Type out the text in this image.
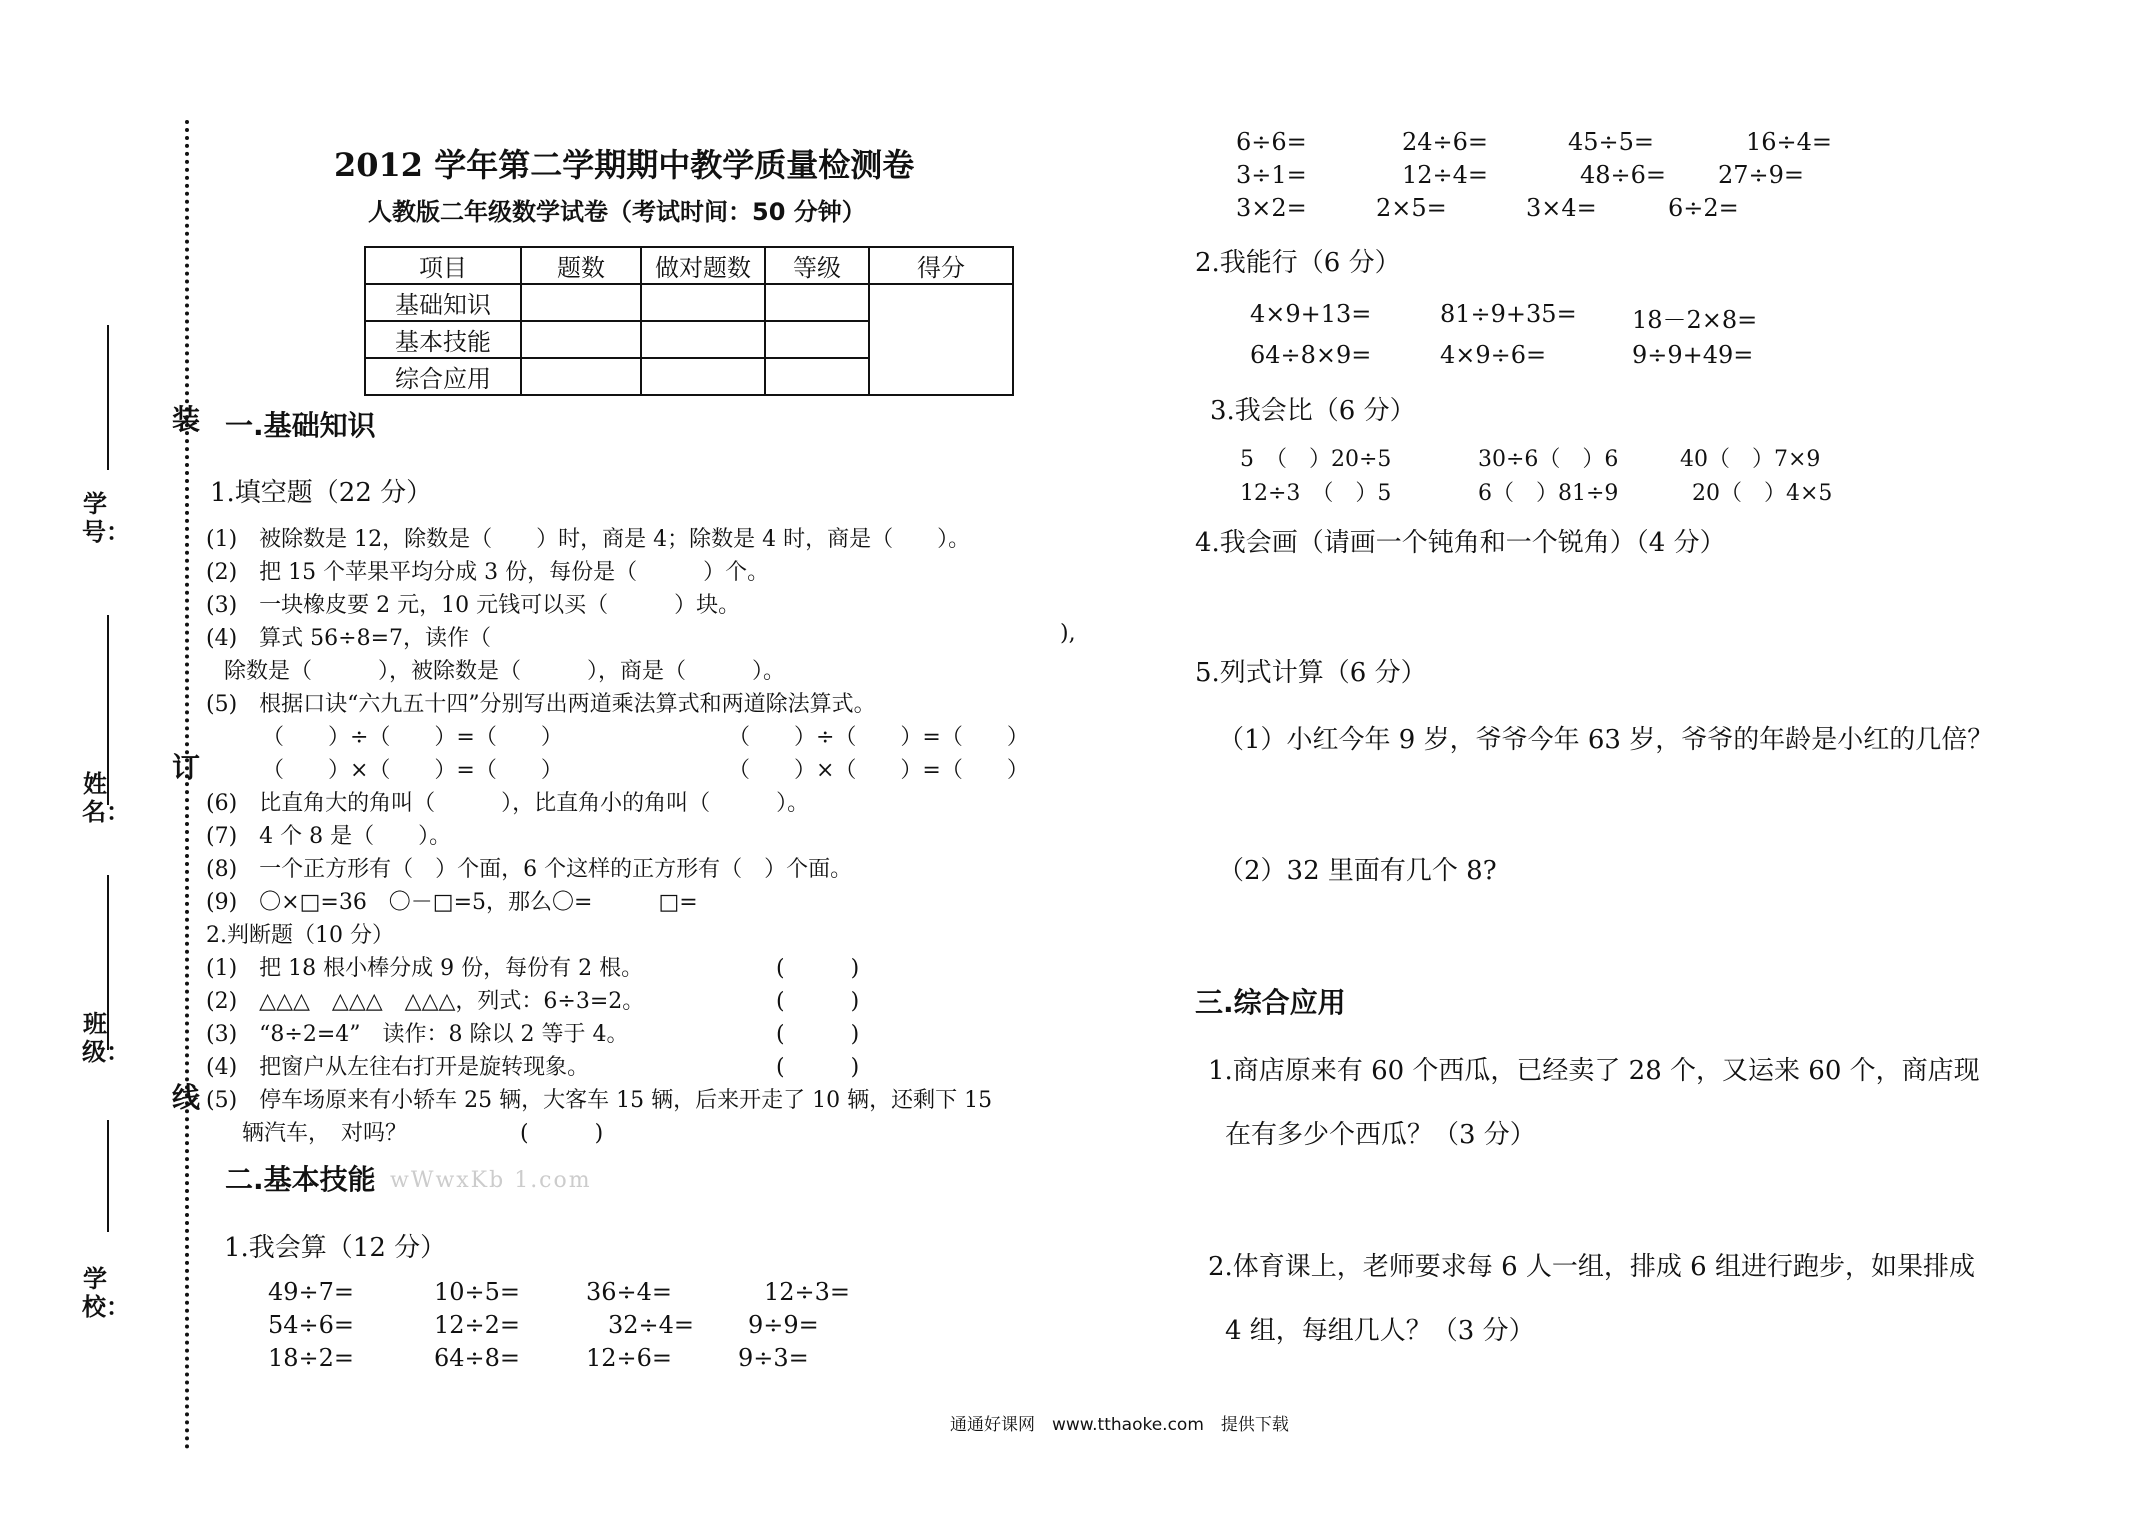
装
订
线
学号：
姓名：
班级：
学校：
2012 学年第二学期期中教学质量检测卷
人教版二年级数学试卷（考试时间：50 分钟）
项目	题数	做对题数	等级	得分
基础知识				
基本技能				
综合应用				
一.基础知识
1.填空题（22 分）
(1)　被除数是 12，除数是（　　）时，商是 4；除数是 4 时，商是（　　）。
(2)　把 15 个苹果平均分成 3 份，每份是（　　　）个。
(3)　一块橡皮要 2 元，10 元钱可以买（　　　）块。
(4)　算式 56÷8=7，读作（	),
除数是（　　　），被除数是（　　　），商是（　　　）。
(5)　根据口诀“六九五十四”分别写出两道乘法算式和两道除法算式。
（　　）÷（　　）=（　　）	（　　）÷（　　）=（　　）
（　　）×（　　）=（　　）	（　　）×（　　）=（　　）
(6)　比直角大的角叫（　　　），比直角小的角叫（　　　）。
(7)　4 个 8 是（　　）。
(8)　一个正方形有（　）个面，6 个这样的正方形有（　）个面。
(9)　〇×□=36　〇－□=5，那么〇=　　　□=
2.判断题（10 分）
(1)　把 18 根小棒分成 9 份，每份有 2 根。	(　　　)
(2)　△△△　△△△　△△△，列式：6÷3=2。	(　　　)
(3)　“8÷2=4”　读作：8 除以 2 等于 4。	(　　　)
(4)　把窗户从左往右打开是旋转现象。	(　　　)
(5)　停车场原来有小轿车 25 辆，大客车 15 辆，后来开走了 10 辆，还剩下 15
辆汽车，　对吗？	(　　　)
二.基本技能 wWwxKb 1.com
1.我会算（12 分）
49÷7=	10÷5=	36÷4=	12÷3=
54÷6=	12÷2=	32÷4= 9÷9=
18÷2=	64÷8=	12÷6=	9÷3=
6÷6=	24÷6=	45÷5=	16÷4=
3÷1=	12÷4=	48÷6= 27÷9=
3×2=	2×5=	3×4=	6÷2=
2.我能行（6 分）
4×9+13=	81÷9+35= 18－2×8=
64÷8×9=	4×9÷6=	9÷9+49=
3.我会比（6 分）
5　（　）20÷5	30÷6（　）6	40（　）7×9
12÷3　（　）5	6（　）81÷9	20（　）4×5
4.我会画（请画一个钝角和一个锐角）（4 分）
5.列式计算（6 分）
（1）小红今年 9 岁，爷爷今年 63 岁，爷爷的年龄是小红的几倍？
（2）32 里面有几个 8?
三.综合应用
1.商店原来有 60 个西瓜，已经卖了 28 个，又运来 60 个，商店现
在有多少个西瓜？（3 分）
2.体育课上，老师要求每 6 人一组，排成 6 组进行跑步，如果排成
4 组，每组几人？（3 分）
通通好课网　www.tthaoke.com　提供下载
